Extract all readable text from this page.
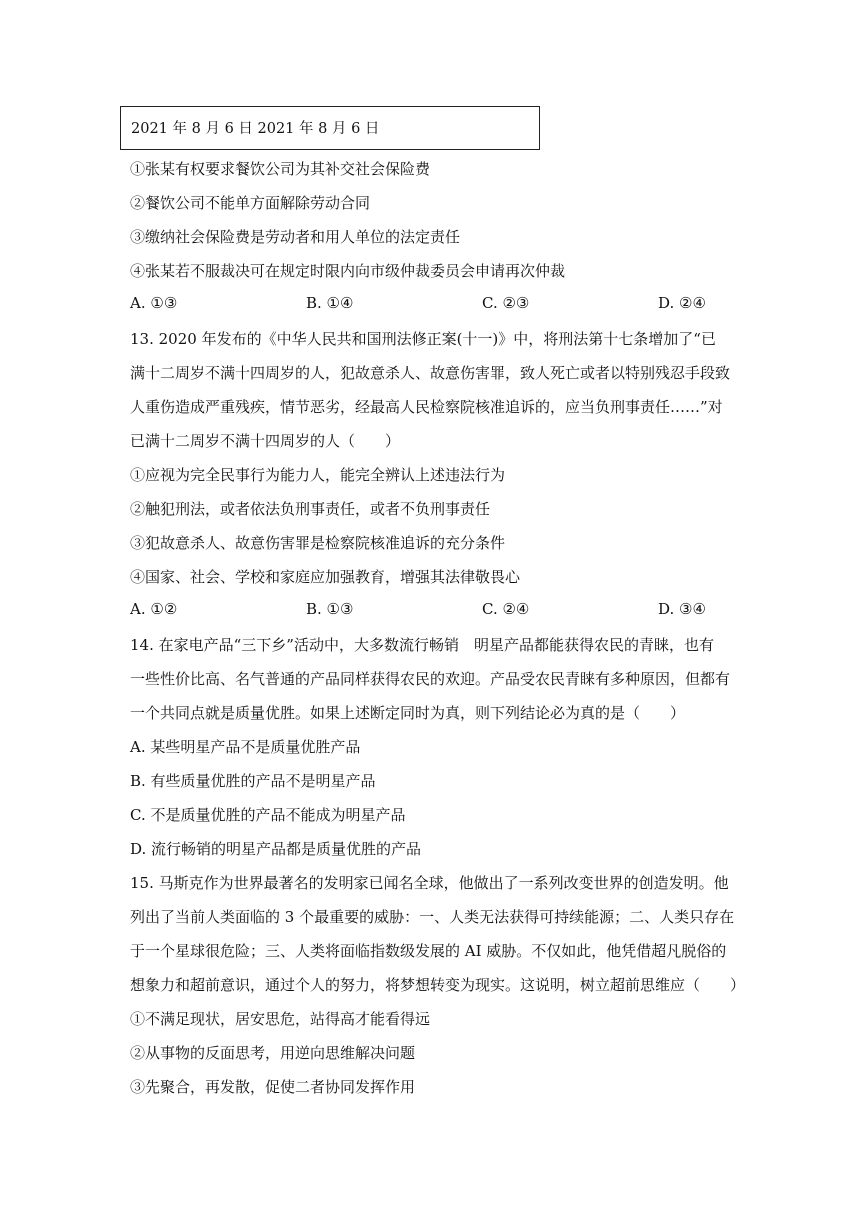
2021 年 8 月 6 日 2021 年 8 月 6 日
①张某有权要求餐饮公司为其补交社会保险费
②餐饮公司不能单方面解除劳动合同
③缴纳社会保险费是劳动者和用人单位的法定责任
④张某若不服裁决可在规定时限内向市级仲裁委员会申请再次仲裁
A. ①③	B. ①④	C. ②③	D. ②④
13. 2020 年发布的《中华人民共和国刑法修正案(十一)》中，将刑法第十七条增加了“已
满十二周岁不满十四周岁的人，犯故意杀人、故意伤害罪，致人死亡或者以特别残忍手段致
人重伤造成严重残疾，情节恶劣，经最高人民检察院核准追诉的，应当负刑事责任……”对
已满十二周岁不满十四周岁的人（　　）
①应视为完全民事行为能力人，能完全辨认上述违法行为
②触犯刑法，或者依法负刑事责任，或者不负刑事责任
③犯故意杀人、故意伤害罪是检察院核准追诉的充分条件
④国家、社会、学校和家庭应加强教育，增强其法律敬畏心
A. ①②	B. ①③	C. ②④	D. ③④
14. 在家电产品“三下乡”活动中，大多数流行畅销　明星产品都能获得农民的青睐，也有
一些性价比高、名气普通的产品同样获得农民的欢迎。产品受农民青睐有多种原因，但都有
一个共同点就是质量优胜。如果上述断定同时为真，则下列结论必为真的是（　　）
A. 某些明星产品不是质量优胜产品
B. 有些质量优胜的产品不是明星产品
C. 不是质量优胜的产品不能成为明星产品
D. 流行畅销的明星产品都是质量优胜的产品
15. 马斯克作为世界最著名的发明家已闻名全球，他做出了一系列改变世界的创造发明。他
列出了当前人类面临的 3 个最重要的威胁：一、人类无法获得可持续能源；二、人类只存在
于一个星球很危险；三、人类将面临指数级发展的 AI 威胁。不仅如此，他凭借超凡脱俗的
想象力和超前意识，通过个人的努力，将梦想转变为现实。这说明，树立超前思维应（　　）
①不满足现状，居安思危，站得高才能看得远
②从事物的反面思考，用逆向思维解决问题
③先聚合，再发散，促使二者协同发挥作用
